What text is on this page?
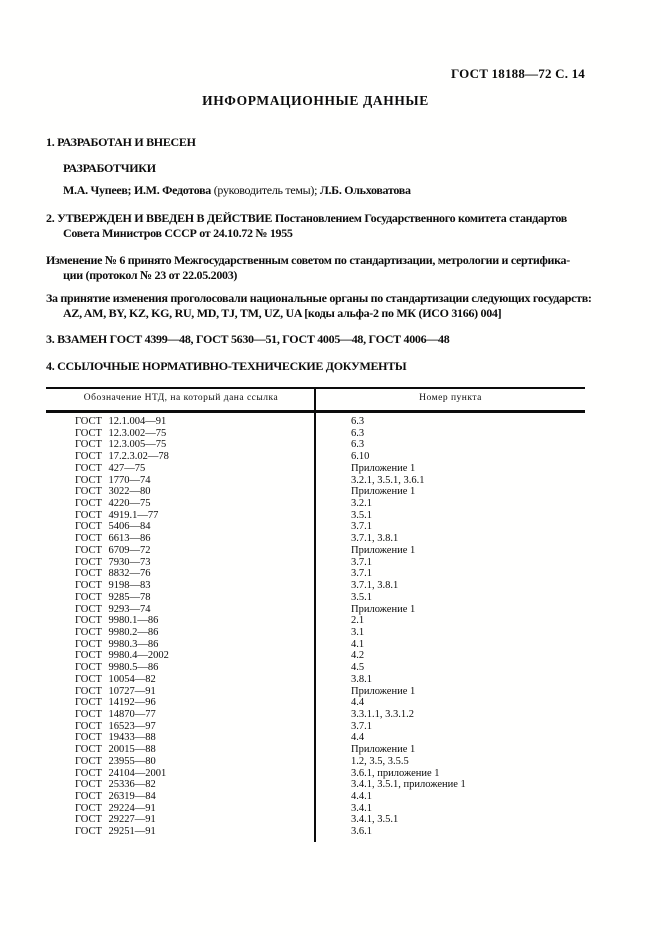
ГОСТ 18188—72 С. 14
ИНФОРМАЦИОННЫЕ ДАННЫЕ
1. РАЗРАБОТАН И ВНЕСЕН
РАЗРАБОТЧИКИ
М.А. Чупеев; И.М. Федотова (руководитель темы); Л.Б. Ольховатова
2. УТВЕРЖДЕН И ВВЕДЕН В ДЕЙСТВИЕ Постановлением Государственного комитета стандартов
Совета Министров СССР от 24.10.72 № 1955
Изменение № 6 принято Межгосударственным советом по стандартизации, метрологии и сертифика-
ции (протокол № 23 от 22.05.2003)
За принятие изменения проголосовали национальные органы по стандартизации следующих государств:
AZ, AM, BY, KZ, KG, RU, MD, TJ, TM, UZ, UA [коды альфа-2 по МК (ИСО 3166) 004]
3. ВЗАМЕН ГОСТ 4399—48, ГОСТ 5630—51, ГОСТ 4005—48, ГОСТ 4006—48
4. ССЫЛОЧНЫЕ НОРМАТИВНО-ТЕХНИЧЕСКИЕ ДОКУМЕНТЫ
Обозначение НТД, на который дана ссылка	Номер пункта
ГОСТ 12.1.004—91	6.3
ГОСТ 12.3.002—75	6.3
ГОСТ 12.3.005—75	6.3
ГОСТ 17.2.3.02—78	6.10
ГОСТ 427—75	Приложение 1
ГОСТ 1770—74	3.2.1, 3.5.1, 3.6.1
ГОСТ 3022—80	Приложение 1
ГОСТ 4220—75	3.2.1
ГОСТ 4919.1—77	3.5.1
ГОСТ 5406—84	3.7.1
ГОСТ 6613—86	3.7.1, 3.8.1
ГОСТ 6709—72	Приложение 1
ГОСТ 7930—73	3.7.1
ГОСТ 8832—76	3.7.1
ГОСТ 9198—83	3.7.1, 3.8.1
ГОСТ 9285—78	3.5.1
ГОСТ 9293—74	Приложение 1
ГОСТ 9980.1—86	2.1
ГОСТ 9980.2—86	3.1
ГОСТ 9980.3—86	4.1
ГОСТ 9980.4—2002	4.2
ГОСТ 9980.5—86	4.5
ГОСТ 10054—82	3.8.1
ГОСТ 10727—91	Приложение 1
ГОСТ 14192—96	4.4
ГОСТ 14870—77	3.3.1.1, 3.3.1.2
ГОСТ 16523—97	3.7.1
ГОСТ 19433—88	4.4
ГОСТ 20015—88	Приложение 1
ГОСТ 23955—80	1.2, 3.5, 3.5.5
ГОСТ 24104—2001	3.6.1, приложение 1
ГОСТ 25336—82	3.4.1, 3.5.1, приложение 1
ГОСТ 26319—84	4.4.1
ГОСТ 29224—91	3.4.1
ГОСТ 29227—91	3.4.1, 3.5.1
ГОСТ 29251—91	3.6.1
